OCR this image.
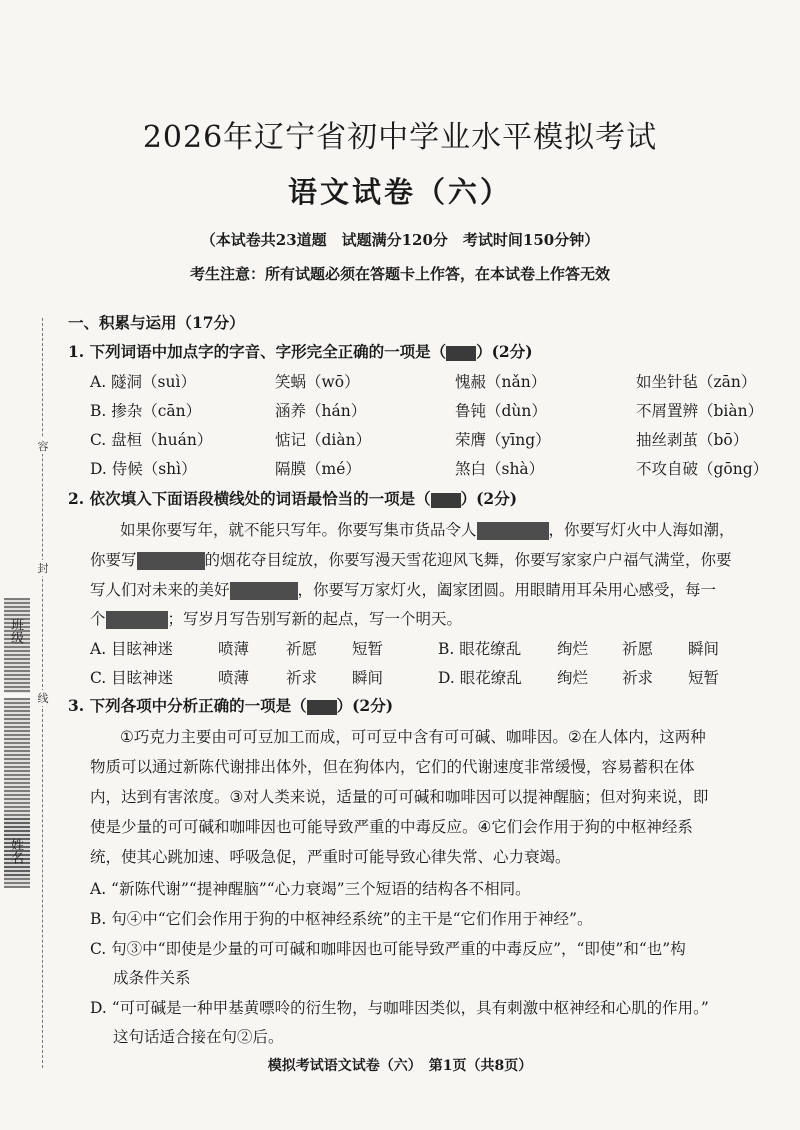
容
封
线
班级
姓名
2026年辽宁省初中学业水平模拟考试
语文试卷（六）
（本试卷共23道题　试题满分120分　考试时间150分钟）
考生注意：所有试题必须在答题卡上作答，在本试卷上作答无效
一、积累与运用（17分）
1. 下列词语中加点字的字音、字形完全正确的一项是（ ）(2分)
A. 隧洞（suì）	笑蜗（wō）	愧赧（nǎn）	如坐针毡（zān）
B. 掺杂（cān）	涵养（hán）	鲁钝（dùn）	不屑置辨（biàn）
C. 盘桓（huán）	惦记（diàn）	荣膺（yīng）	抽丝剥茧（bō）
D. 侍候（shì）	隔膜（mé）	煞白（shà）	不攻自破（gōng）
2. 依次填入下面语段横线处的词语最恰当的一项是（ ）(2分)
如果你要写年，就不能只写年。你要写集市货品令人	，你要写灯火中人海如潮，
你要写	的烟花夺目绽放，你要写漫天雪花迎风飞舞，你要写家家户户福气满堂，你要
写人们对未来的美好	，你要写万家灯火，阖家团圆。用眼睛用耳朵用心感受，每一
个	；写岁月写告别写新的起点，写一个明天。
A. 目眩神迷	喷薄 祈愿 短暂	B. 眼花缭乱 绚烂 祈愿 瞬间
C. 目眩神迷	喷薄 祈求 瞬间	D. 眼花缭乱 绚烂 祈求 短暂
3. 下列各项中分析正确的一项是（ ）(2分)
①巧克力主要由可可豆加工而成，可可豆中含有可可碱、咖啡因。②在人体内，这两种
物质可以通过新陈代谢排出体外，但在狗体内，它们的代谢速度非常缓慢，容易蓄积在体
内，达到有害浓度。③对人类来说，适量的可可碱和咖啡因可以提神醒脑；但对狗来说，即
使是少量的可可碱和咖啡因也可能导致严重的中毒反应。④它们会作用于狗的中枢神经系
统，使其心跳加速、呼吸急促，严重时可能导致心律失常、心力衰竭。
A. “新陈代谢”“提神醒脑”“心力衰竭”三个短语的结构各不相同。
B. 句④中“它们会作用于狗的中枢神经系统”的主干是“它们作用于神经”。
C. 句③中“即使是少量的可可碱和咖啡因也可能导致严重的中毒反应”，“即使”和“也”构
成条件关系
D. “可可碱是一种甲基黄嘌呤的衍生物，与咖啡因类似，具有刺激中枢神经和心肌的作用。”
这句话适合接在句②后。
模拟考试语文试卷（六）　第1页（共8页）
